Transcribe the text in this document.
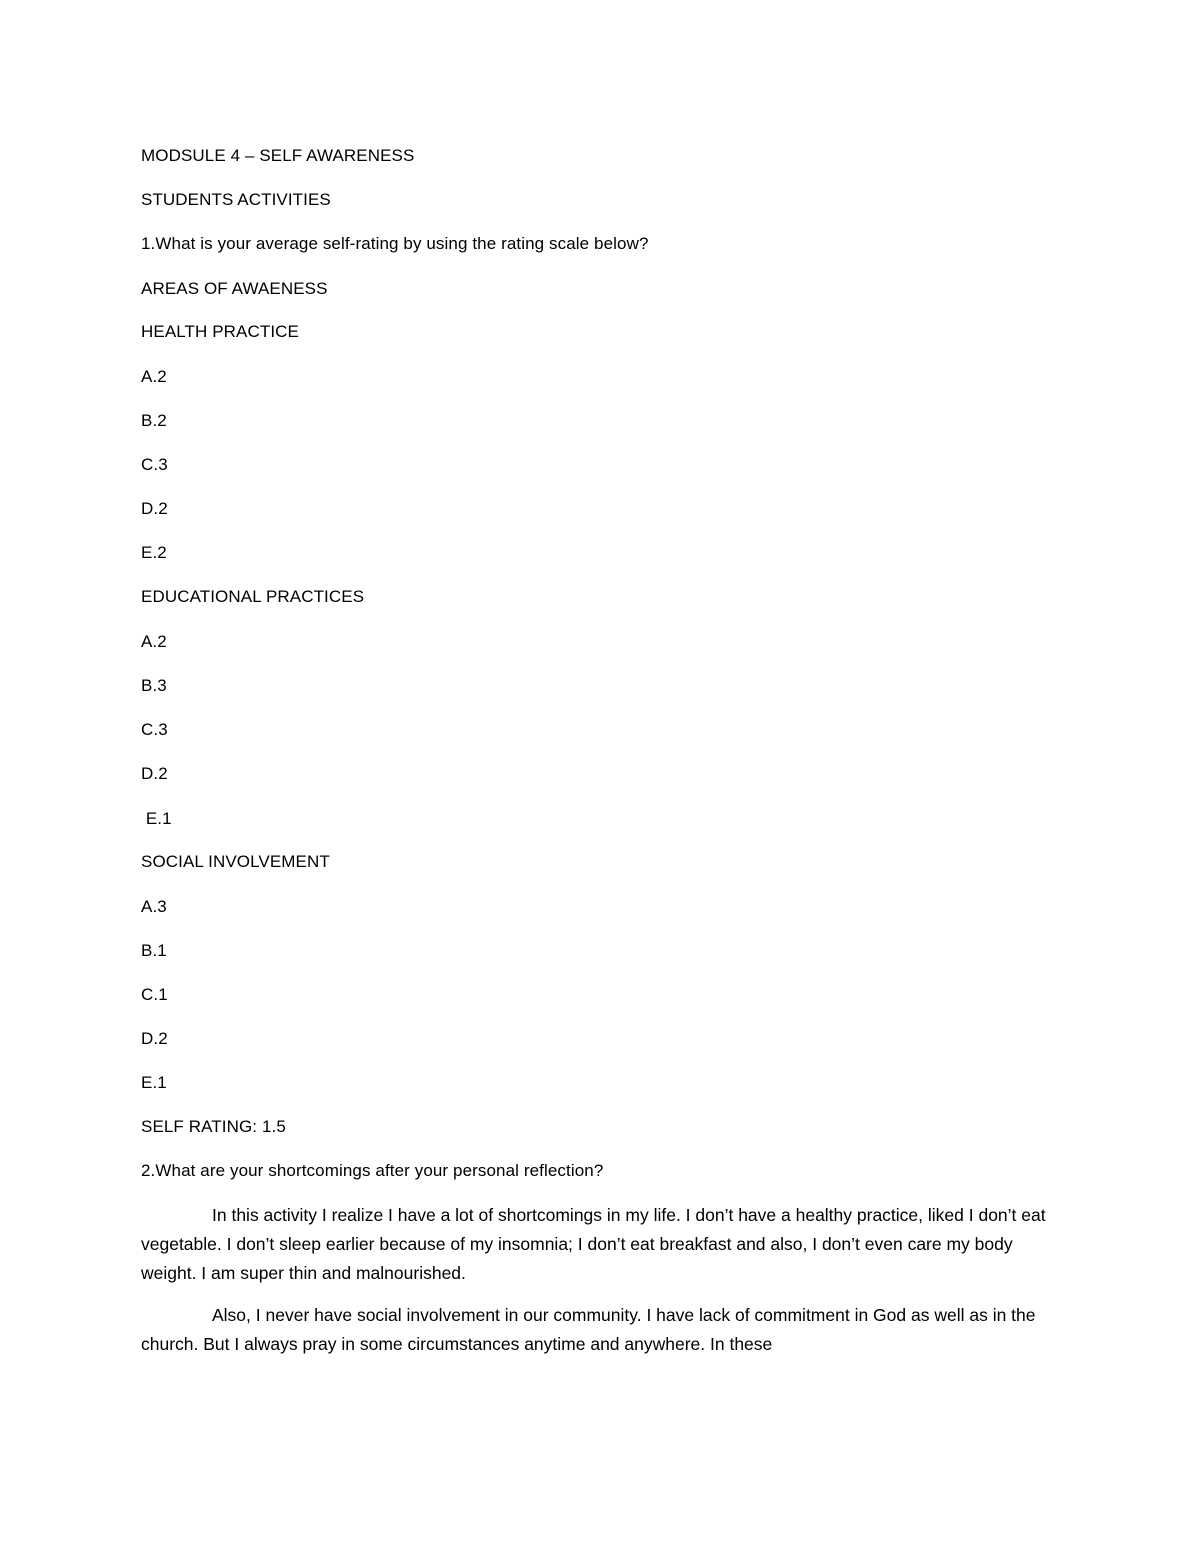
MODSULE 4 – SELF AWARENESS
STUDENTS ACTIVITIES
1.What is your average self-rating by using the rating scale below?
AREAS OF AWAENESS
HEALTH PRACTICE
A.2
B.2
C.3
D.2
E.2
EDUCATIONAL PRACTICES
A.2
B.3
C.3
D.2
E.1
SOCIAL INVOLVEMENT
A.3
B.1
C.1
D.2
E.1
SELF RATING: 1.5
2.What are your shortcomings after your personal reflection?
In this activity I realize I have a lot of shortcomings in my life. I don’t have a healthy practice, liked I don’t eat vegetable. I don’t sleep earlier because of my insomnia; I don’t eat breakfast and also, I don’t even care my body weight. I am super thin and malnourished.
Also, I never have social involvement in our community. I have lack of commitment in God as well as in the church. But I always pray in some circumstances anytime and anywhere. In these
